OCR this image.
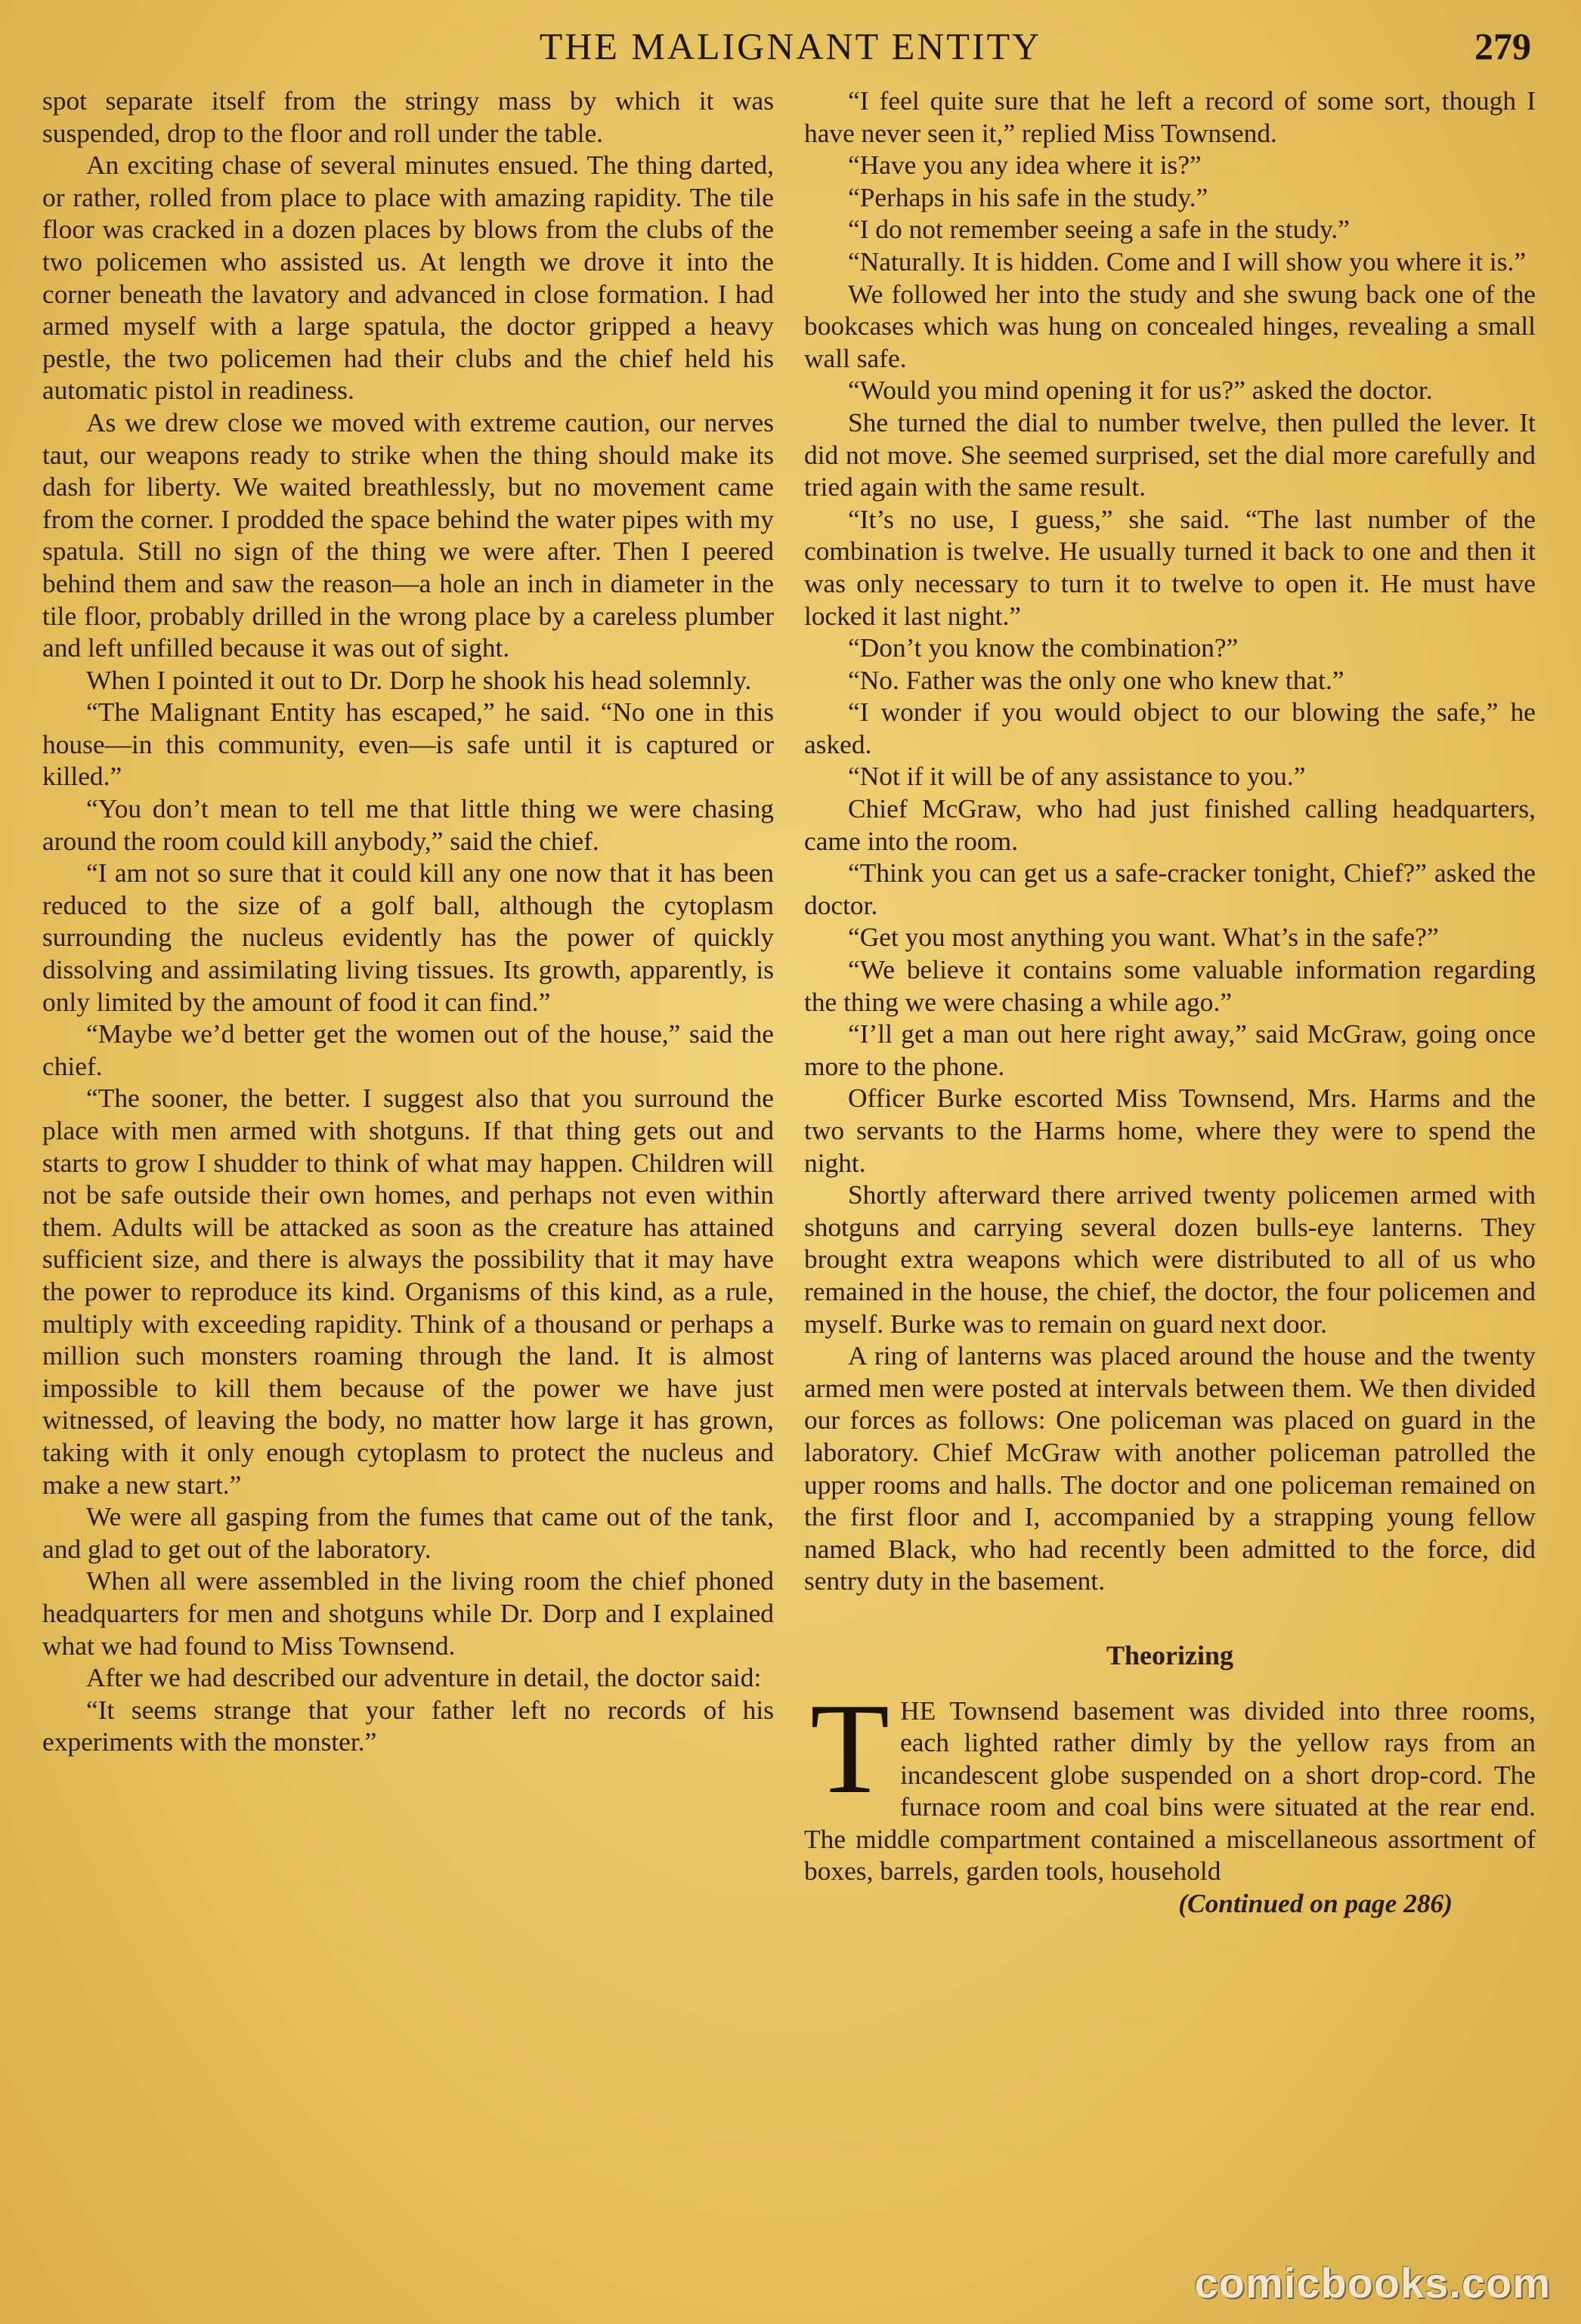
THE MALIGNANT ENTITY	279

spot separate itself from the stringy mass by which it was suspended, drop to the floor and roll under the table.

An exciting chase of several minutes ensued. The thing darted, or rather, rolled from place to place with amazing rapidity. The tile floor was cracked in a dozen places by blows from the clubs of the two policemen who assisted us. At length we drove it into the corner beneath the lavatory and advanced in close formation. I had armed myself with a large spatula, the doctor gripped a heavy pestle, the two policemen had their clubs and the chief held his automatic pistol in readiness.

As we drew close we moved with extreme caution, our nerves taut, our weapons ready to strike when the thing should make its dash for liberty. We waited breathlessly, but no movement came from the corner. I prodded the space behind the water pipes with my spatula. Still no sign of the thing we were after. Then I peered behind them and saw the reason—a hole an inch in diameter in the tile floor, probably drilled in the wrong place by a careless plumber and left unfilled because it was out of sight.

When I pointed it out to Dr. Dorp he shook his head solemnly.

“The Malignant Entity has escaped,” he said. “No one in this house—in this community, even—is safe until it is captured or killed.”

“You don’t mean to tell me that little thing we were chasing around the room could kill anybody,” said the chief.

“I am not so sure that it could kill any one now that it has been reduced to the size of a golf ball, although the cytoplasm surrounding the nucleus evidently has the power of quickly dissolving and assimilating living tissues. Its growth, apparently, is only limited by the amount of food it can find.”

“Maybe we’d better get the women out of the house,” said the chief.

“The sooner, the better. I suggest also that you surround the place with men armed with shotguns. If that thing gets out and starts to grow I shudder to think of what may happen. Children will not be safe outside their own homes, and perhaps not even within them. Adults will be attacked as soon as the creature has attained sufficient size, and there is always the possibility that it may have the power to reproduce its kind. Organisms of this kind, as a rule, multiply with exceeding rapidity. Think of a thousand or perhaps a million such monsters roaming through the land. It is almost impossible to kill them because of the power we have just witnessed, of leaving the body, no matter how large it has grown, taking with it only enough cytoplasm to protect the nucleus and make a new start.”

We were all gasping from the fumes that came out of the tank, and glad to get out of the laboratory.

When all were assembled in the living room the chief phoned headquarters for men and shotguns while Dr. Dorp and I explained what we had found to Miss Townsend.

After we had described our adventure in detail, the doctor said:

“It seems strange that your father left no records of his experiments with the monster.”

“I feel quite sure that he left a record of some sort, though I have never seen it,” replied Miss Townsend.

“Have you any idea where it is?”

“Perhaps in his safe in the study.”

“I do not remember seeing a safe in the study.”

“Naturally. It is hidden. Come and I will show you where it is.”

We followed her into the study and she swung back one of the bookcases which was hung on concealed hinges, revealing a small wall safe.

“Would you mind opening it for us?” asked the doctor.

She turned the dial to number twelve, then pulled the lever. It did not move. She seemed surprised, set the dial more carefully and tried again with the same result.

“It’s no use, I guess,” she said. “The last number of the combination is twelve. He usually turned it back to one and then it was only necessary to turn it to twelve to open it. He must have locked it last night.”

“Don’t you know the combination?”

“No. Father was the only one who knew that.”

“I wonder if you would object to our blowing the safe,” he asked.

“Not if it will be of any assistance to you.”

Chief McGraw, who had just finished calling headquarters, came into the room.

“Think you can get us a safe-cracker tonight, Chief?” asked the doctor.

“Get you most anything you want. What’s in the safe?”

“We believe it contains some valuable information regarding the thing we were chasing a while ago.”

“I’ll get a man out here right away,” said McGraw, going once more to the phone.

Officer Burke escorted Miss Townsend, Mrs. Harms and the two servants to the Harms home, where they were to spend the night.

Shortly afterward there arrived twenty policemen armed with shotguns and carrying several dozen bulls-eye lanterns. They brought extra weapons which were distributed to all of us who remained in the house, the chief, the doctor, the four policemen and myself. Burke was to remain on guard next door.

A ring of lanterns was placed around the house and the twenty armed men were posted at intervals between them. We then divided our forces as follows: One policeman was placed on guard in the laboratory. Chief McGraw with another policeman patrolled the upper rooms and halls. The doctor and one policeman remained on the first floor and I, accompanied by a strapping young fellow named Black, who had recently been admitted to the force, did sentry duty in the basement.

Theorizing

T HE Townsend basement was divided into three rooms, each lighted rather dimly by the yellow rays from an incandescent globe suspended on a short drop-cord. The furnace room and coal bins were situated at the rear end. The middle compartment contained a miscellaneous assortment of boxes, barrels, garden tools, household

(Continued on page 286)

comicbooks.com
